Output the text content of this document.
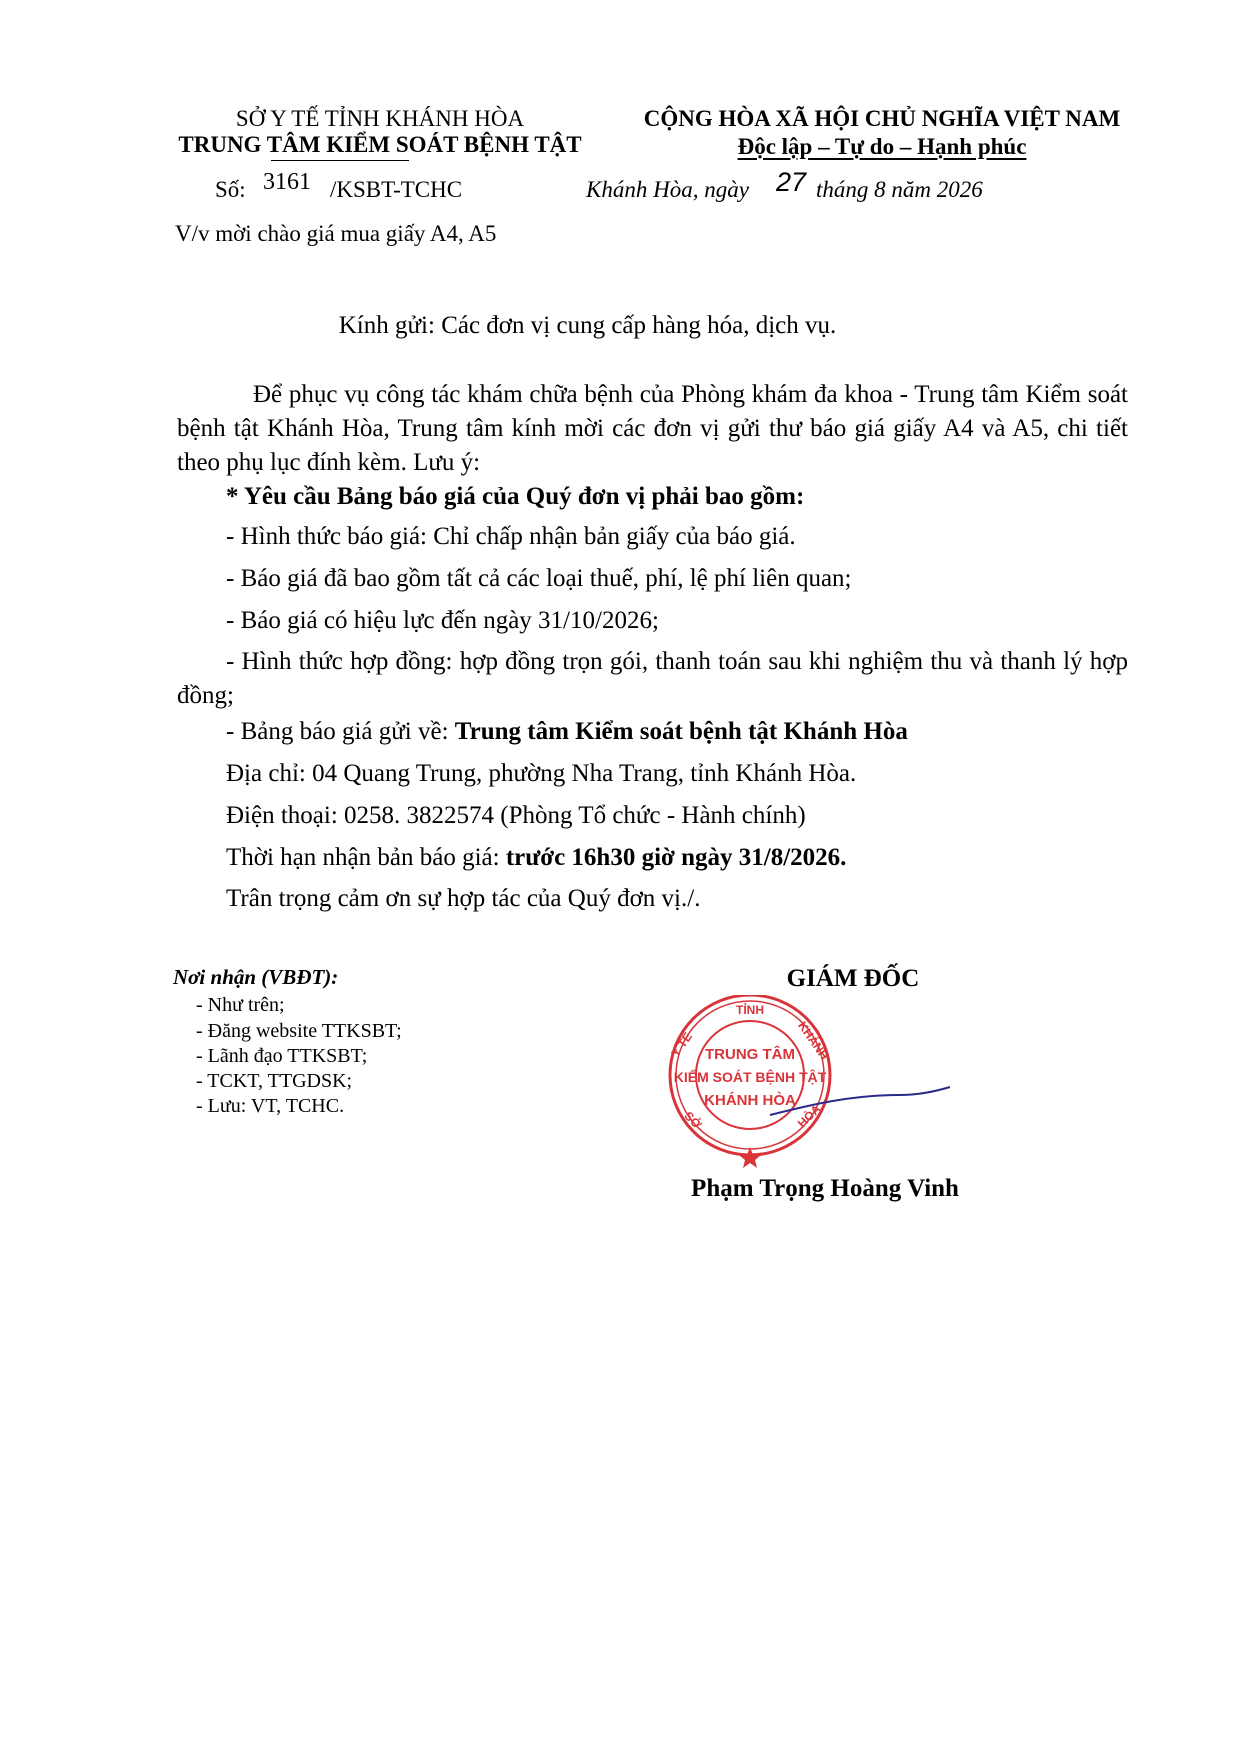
SỞ Y TẾ TỈNH KHÁNH HÒA
TRUNG TÂM KIỂM SOÁT BỆNH TẬT
CỘNG HÒA XÃ HỘI CHỦ NGHĨA VIỆT NAM
Độc lập – Tự do – Hạnh phúc
Số: 3161 /KSBT-TCHC	Khánh Hòa, ngày 27 tháng 8 năm 2026
V/v mời chào giá mua giấy A4, A5
Kính gửi: Các đơn vị cung cấp hàng hóa, dịch vụ.
Để phục vụ công tác khám chữa bệnh của Phòng khám đa khoa - Trung tâm Kiểm soát bệnh tật Khánh Hòa, Trung tâm kính mời các đơn vị gửi thư báo giá giấy A4 và A5, chi tiết theo phụ lục đính kèm. Lưu ý:
* Yêu cầu Bảng báo giá của Quý đơn vị phải bao gồm:
- Hình thức báo giá: Chỉ chấp nhận bản giấy của báo giá.
- Báo giá đã bao gồm tất cả các loại thuế, phí, lệ phí liên quan;
- Báo giá có hiệu lực đến ngày 31/10/2026;
- Hình thức hợp đồng: hợp đồng trọn gói, thanh toán sau khi nghiệm thu và thanh lý hợp đồng;
- Bảng báo giá gửi về: Trung tâm Kiểm soát bệnh tật Khánh Hòa
Địa chỉ: 04 Quang Trung, phường Nha Trang, tỉnh Khánh Hòa.
Điện thoại: 0258. 3822574 (Phòng Tổ chức - Hành chính)
Thời hạn nhận bản báo giá: trước 16h30 giờ ngày 31/8/2026.
Trân trọng cảm ơn sự hợp tác của Quý đơn vị./.
Nơi nhận (VBĐT):
- Như trên;
- Đăng website TTKSBT;
- Lãnh đạo TTKSBT;
- TCKT, TTGDSK;
- Lưu: VT, TCHC.
GIÁM ĐỐC
TỈNH
Y TẾ	KHÁNH
SỞ	HÒA
TRUNG TÂM
KIỂM SOÁT BỆNH TẬT
KHÁNH HÒA
Phạm Trọng Hoàng Vinh
